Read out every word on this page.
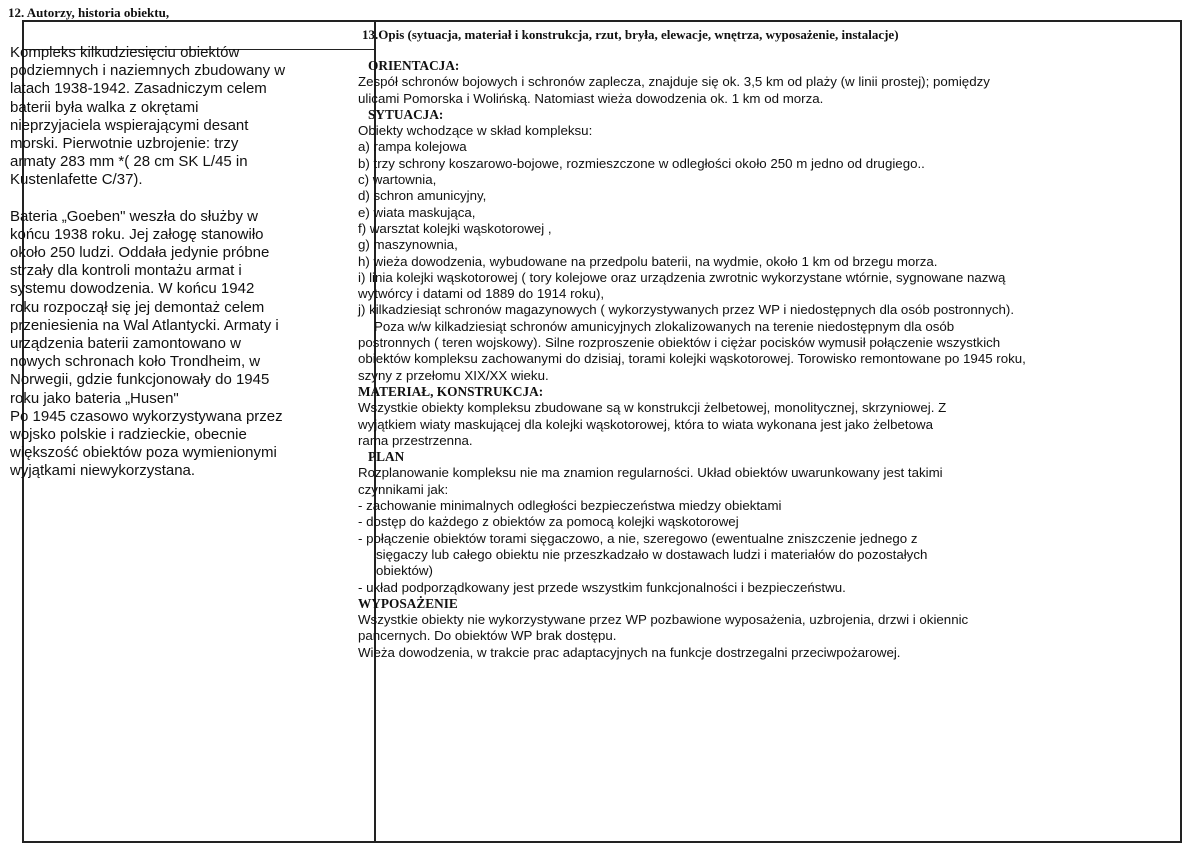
12. Autorzy, historia obiektu,

Kompleks kilkudziesięciu obiektów
podziemnych i naziemnych zbudowany w
latach 1938-1942. Zasadniczym celem
baterii była walka z okrętami
nieprzyjaciela wspierającymi desant
morski. Pierwotnie uzbrojenie: trzy
armaty 283 mm *( 28 cm SK L/45 in
Kustenlafette C/37).

Bateria „Goeben" weszła do służby w
końcu 1938 roku. Jej załogę stanowiło
około 250 ludzi. Oddała jedynie próbne
strzały dla kontroli montażu armat i
systemu dowodzenia. W końcu 1942
roku rozpoczął się jej demontaż celem
przeniesienia na Wal Atlantycki. Armaty i
urządzenia baterii zamontowano w
nowych schronach koło Trondheim, w
Norwegii, gdzie funkcjonowały do 1945
roku jako bateria „Husen"
Po 1945 czasowo wykorzystywana przez
wojsko polskie i radzieckie, obecnie
większość obiektów poza wymienionymi
wyjątkami niewykorzystana.

13.Opis (sytuacja, materiał i konstrukcja, rzut, bryła, elewacje, wnętrza, wyposażenie, instalacje)
ORIENTACJA:
Zespół schronów bojowych i schronów zaplecza, znajduje się ok. 3,5 km od plaży (w linii prostej); pomiędzy
ulicami Pomorska i Wolińską. Natomiast wieża dowodzenia ok. 1 km od morza.
SYTUACJA:
Obiekty wchodzące w skład kompleksu:
a) rampa kolejowa
b) trzy schrony koszarowo-bojowe, rozmieszczone w odległości około 250 m jedno od drugiego..
c) wartownia,
d) schron amunicyjny,
e) wiata maskująca,
f) warsztat kolejki wąskotorowej ,
g) maszynownia,
h) wieża dowodzenia, wybudowane na przedpolu baterii, na wydmie, około 1 km od brzegu morza.
i) linia kolejki wąskotorowej ( tory kolejowe oraz urządzenia zwrotnic wykorzystane wtórnie, sygnowane nazwą
wytwórcy i datami od 1889 do 1914 roku),
j) kilkadziesiąt schronów magazynowych ( wykorzystywanych przez WP i niedostępnych dla osób postronnych).
Poza w/w kilkadziesiąt schronów amunicyjnych zlokalizowanych na terenie niedostępnym dla osób
postronnych ( teren wojskowy). Silne rozproszenie obiektów i ciężar pocisków wymusił połączenie wszystkich
obiektów kompleksu zachowanymi do dzisiaj, torami kolejki wąskotorowej. Torowisko remontowane po 1945 roku,
szyny z przełomu XIX/XX wieku.
MATERIAŁ, KONSTRUKCJA:
Wszystkie obiekty kompleksu zbudowane są w konstrukcji żelbetowej, monolitycznej, skrzyniowej. Z
wyjątkiem wiaty maskującej dla kolejki wąskotorowej, która to wiata wykonana jest jako żelbetowa
rama przestrzenna.
PLAN
Rozplanowanie kompleksu nie ma znamion regularności. Układ obiektów uwarunkowany jest takimi
czynnikami jak:
- zachowanie minimalnych odległości bezpieczeństwa miedzy obiektami
- dostęp do każdego z obiektów za pomocą kolejki wąskotorowej
- połączenie obiektów torami sięgaczowo, a nie, szeregowo (ewentualne zniszczenie jednego z
sięgaczy lub całego obiektu nie przeszkadzało w dostawach ludzi i materiałów do pozostałych
obiektów)
- układ podporządkowany jest przede wszystkim funkcjonalności i bezpieczeństwu.
WYPOSAŻENIE
Wszystkie obiekty nie wykorzystywane przez WP pozbawione wyposażenia, uzbrojenia, drzwi i okiennic
pancernych. Do obiektów WP brak dostępu.
Wieża dowodzenia, w trakcie prac adaptacyjnych na funkcje dostrzegalni przeciwpożarowej.
